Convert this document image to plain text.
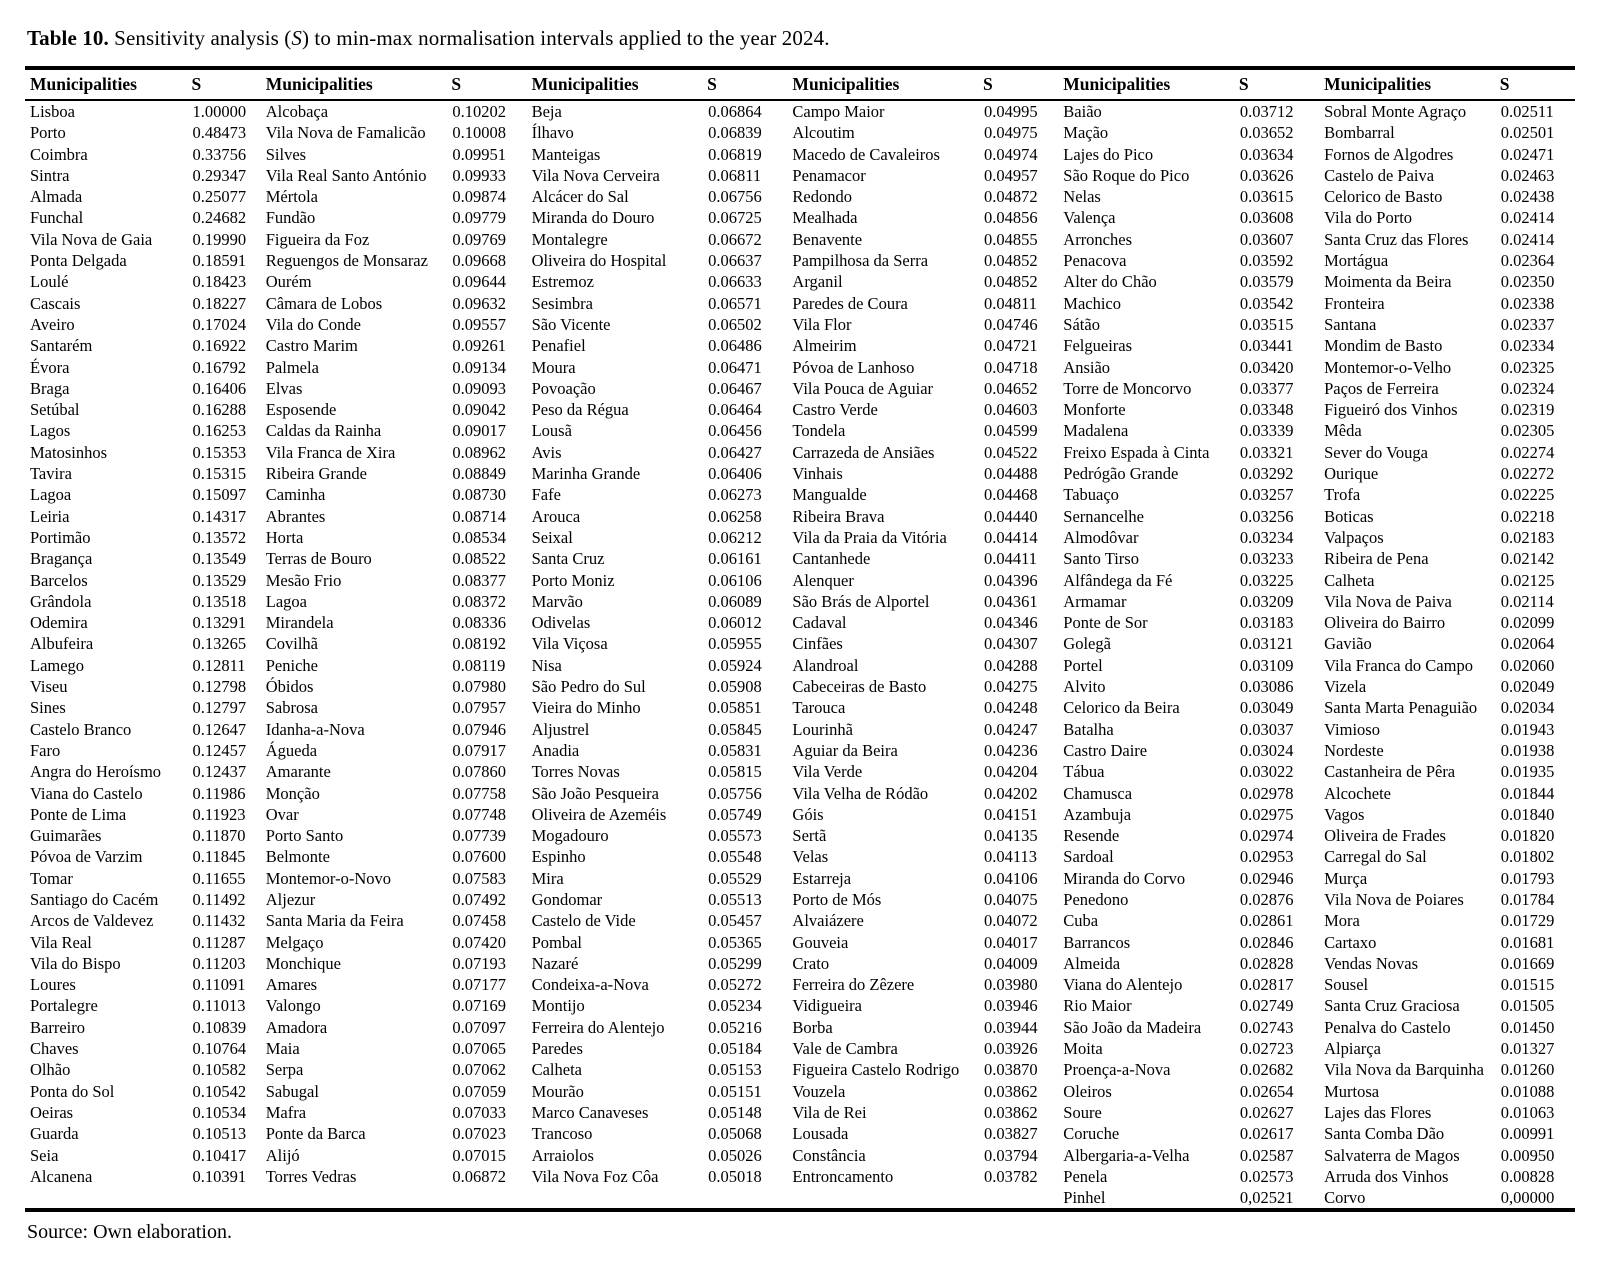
Table 10. Sensitivity analysis (S) to min-max normalisation intervals applied to the year 2024.

Municipalities	S	Municipalities	S	Municipalities	S	Municipalities	S	Municipalities	S	Municipalities	S
Lisboa	1.00000	Alcobaça	0.10202	Beja	0.06864	Campo Maior	0.04995	Baião	0.03712	Sobral Monte Agraço	0.02511
Porto	0.48473	Vila Nova de Famalicão	0.10008	Ílhavo	0.06839	Alcoutim	0.04975	Mação	0.03652	Bombarral	0.02501
Coimbra	0.33756	Silves	0.09951	Manteigas	0.06819	Macedo de Cavaleiros	0.04974	Lajes do Pico	0.03634	Fornos de Algodres	0.02471
Sintra	0.29347	Vila Real Santo António	0.09933	Vila Nova Cerveira	0.06811	Penamacor	0.04957	São Roque do Pico	0.03626	Castelo de Paiva	0.02463
Almada	0.25077	Mértola	0.09874	Alcácer do Sal	0.06756	Redondo	0.04872	Nelas	0.03615	Celorico de Basto	0.02438
Funchal	0.24682	Fundão	0.09779	Miranda do Douro	0.06725	Mealhada	0.04856	Valença	0.03608	Vila do Porto	0.02414
Vila Nova de Gaia	0.19990	Figueira da Foz	0.09769	Montalegre	0.06672	Benavente	0.04855	Arronches	0.03607	Santa Cruz das Flores	0.02414
Ponta Delgada	0.18591	Reguengos de Monsaraz	0.09668	Oliveira do Hospital	0.06637	Pampilhosa da Serra	0.04852	Penacova	0.03592	Mortágua	0.02364
Loulé	0.18423	Ourém	0.09644	Estremoz	0.06633	Arganil	0.04852	Alter do Chão	0.03579	Moimenta da Beira	0.02350
Cascais	0.18227	Câmara de Lobos	0.09632	Sesimbra	0.06571	Paredes de Coura	0.04811	Machico	0.03542	Fronteira	0.02338
Aveiro	0.17024	Vila do Conde	0.09557	São Vicente	0.06502	Vila Flor	0.04746	Sátão	0.03515	Santana	0.02337
Santarém	0.16922	Castro Marim	0.09261	Penafiel	0.06486	Almeirim	0.04721	Felgueiras	0.03441	Mondim de Basto	0.02334
Évora	0.16792	Palmela	0.09134	Moura	0.06471	Póvoa de Lanhoso	0.04718	Ansião	0.03420	Montemor-o-Velho	0.02325
Braga	0.16406	Elvas	0.09093	Povoação	0.06467	Vila Pouca de Aguiar	0.04652	Torre de Moncorvo	0.03377	Paços de Ferreira	0.02324
Setúbal	0.16288	Esposende	0.09042	Peso da Régua	0.06464	Castro Verde	0.04603	Monforte	0.03348	Figueiró dos Vinhos	0.02319
Lagos	0.16253	Caldas da Rainha	0.09017	Lousã	0.06456	Tondela	0.04599	Madalena	0.03339	Mêda	0.02305
Matosinhos	0.15353	Vila Franca de Xira	0.08962	Avis	0.06427	Carrazeda de Ansiães	0.04522	Freixo Espada à Cinta	0.03321	Sever do Vouga	0.02274
Tavira	0.15315	Ribeira Grande	0.08849	Marinha Grande	0.06406	Vinhais	0.04488	Pedrógão Grande	0.03292	Ourique	0.02272
Lagoa	0.15097	Caminha	0.08730	Fafe	0.06273	Mangualde	0.04468	Tabuaço	0.03257	Trofa	0.02225
Leiria	0.14317	Abrantes	0.08714	Arouca	0.06258	Ribeira Brava	0.04440	Sernancelhe	0.03256	Boticas	0.02218
Portimão	0.13572	Horta	0.08534	Seixal	0.06212	Vila da Praia da Vitória	0.04414	Almodôvar	0.03234	Valpaços	0.02183
Bragança	0.13549	Terras de Bouro	0.08522	Santa Cruz	0.06161	Cantanhede	0.04411	Santo Tirso	0.03233	Ribeira de Pena	0.02142
Barcelos	0.13529	Mesão Frio	0.08377	Porto Moniz	0.06106	Alenquer	0.04396	Alfândega da Fé	0.03225	Calheta	0.02125
Grândola	0.13518	Lagoa	0.08372	Marvão	0.06089	São Brás de Alportel	0.04361	Armamar	0.03209	Vila Nova de Paiva	0.02114
Odemira	0.13291	Mirandela	0.08336	Odivelas	0.06012	Cadaval	0.04346	Ponte de Sor	0.03183	Oliveira do Bairro	0.02099
Albufeira	0.13265	Covilhã	0.08192	Vila Viçosa	0.05955	Cinfães	0.04307	Golegã	0.03121	Gavião	0.02064
Lamego	0.12811	Peniche	0.08119	Nisa	0.05924	Alandroal	0.04288	Portel	0.03109	Vila Franca do Campo	0.02060
Viseu	0.12798	Óbidos	0.07980	São Pedro do Sul	0.05908	Cabeceiras de Basto	0.04275	Alvito	0.03086	Vizela	0.02049
Sines	0.12797	Sabrosa	0.07957	Vieira do Minho	0.05851	Tarouca	0.04248	Celorico da Beira	0.03049	Santa Marta Penaguião	0.02034
Castelo Branco	0.12647	Idanha-a-Nova	0.07946	Aljustrel	0.05845	Lourinhã	0.04247	Batalha	0.03037	Vimioso	0.01943
Faro	0.12457	Águeda	0.07917	Anadia	0.05831	Aguiar da Beira	0.04236	Castro Daire	0.03024	Nordeste	0.01938
Angra do Heroísmo	0.12437	Amarante	0.07860	Torres Novas	0.05815	Vila Verde	0.04204	Tábua	0.03022	Castanheira de Pêra	0.01935
Viana do Castelo	0.11986	Monção	0.07758	São João Pesqueira	0.05756	Vila Velha de Ródão	0.04202	Chamusca	0.02978	Alcochete	0.01844
Ponte de Lima	0.11923	Ovar	0.07748	Oliveira de Azeméis	0.05749	Góis	0.04151	Azambuja	0.02975	Vagos	0.01840
Guimarães	0.11870	Porto Santo	0.07739	Mogadouro	0.05573	Sertã	0.04135	Resende	0.02974	Oliveira de Frades	0.01820
Póvoa de Varzim	0.11845	Belmonte	0.07600	Espinho	0.05548	Velas	0.04113	Sardoal	0.02953	Carregal do Sal	0.01802
Tomar	0.11655	Montemor-o-Novo	0.07583	Mira	0.05529	Estarreja	0.04106	Miranda do Corvo	0.02946	Murça	0.01793
Santiago do Cacém	0.11492	Aljezur	0.07492	Gondomar	0.05513	Porto de Mós	0.04075	Penedono	0.02876	Vila Nova de Poiares	0.01784
Arcos de Valdevez	0.11432	Santa Maria da Feira	0.07458	Castelo de Vide	0.05457	Alvaiázere	0.04072	Cuba	0.02861	Mora	0.01729
Vila Real	0.11287	Melgaço	0.07420	Pombal	0.05365	Gouveia	0.04017	Barrancos	0.02846	Cartaxo	0.01681
Vila do Bispo	0.11203	Monchique	0.07193	Nazaré	0.05299	Crato	0.04009	Almeida	0.02828	Vendas Novas	0.01669
Loures	0.11091	Amares	0.07177	Condeixa-a-Nova	0.05272	Ferreira do Zêzere	0.03980	Viana do Alentejo	0.02817	Sousel	0.01515
Portalegre	0.11013	Valongo	0.07169	Montijo	0.05234	Vidigueira	0.03946	Rio Maior	0.02749	Santa Cruz Graciosa	0.01505
Barreiro	0.10839	Amadora	0.07097	Ferreira do Alentejo	0.05216	Borba	0.03944	São João da Madeira	0.02743	Penalva do Castelo	0.01450
Chaves	0.10764	Maia	0.07065	Paredes	0.05184	Vale de Cambra	0.03926	Moita	0.02723	Alpiarça	0.01327
Olhão	0.10582	Serpa	0.07062	Calheta	0.05153	Figueira Castelo Rodrigo	0.03870	Proença-a-Nova	0.02682	Vila Nova da Barquinha	0.01260
Ponta do Sol	0.10542	Sabugal	0.07059	Mourão	0.05151	Vouzela	0.03862	Oleiros	0.02654	Murtosa	0.01088
Oeiras	0.10534	Mafra	0.07033	Marco Canaveses	0.05148	Vila de Rei	0.03862	Soure	0.02627	Lajes das Flores	0.01063
Guarda	0.10513	Ponte da Barca	0.07023	Trancoso	0.05068	Lousada	0.03827	Coruche	0.02617	Santa Comba Dão	0.00991
Seia	0.10417	Alijó	0.07015	Arraiolos	0.05026	Constância	0.03794	Albergaria-a-Velha	0.02587	Salvaterra de Magos	0.00950
Alcanena	0.10391	Torres Vedras	0.06872	Vila Nova Foz Côa	0.05018	Entroncamento	0.03782	Penela	0.02573	Arruda dos Vinhos	0.00828
								Pinhel	0,02521	Corvo	0,00000

Source: Own elaboration.
